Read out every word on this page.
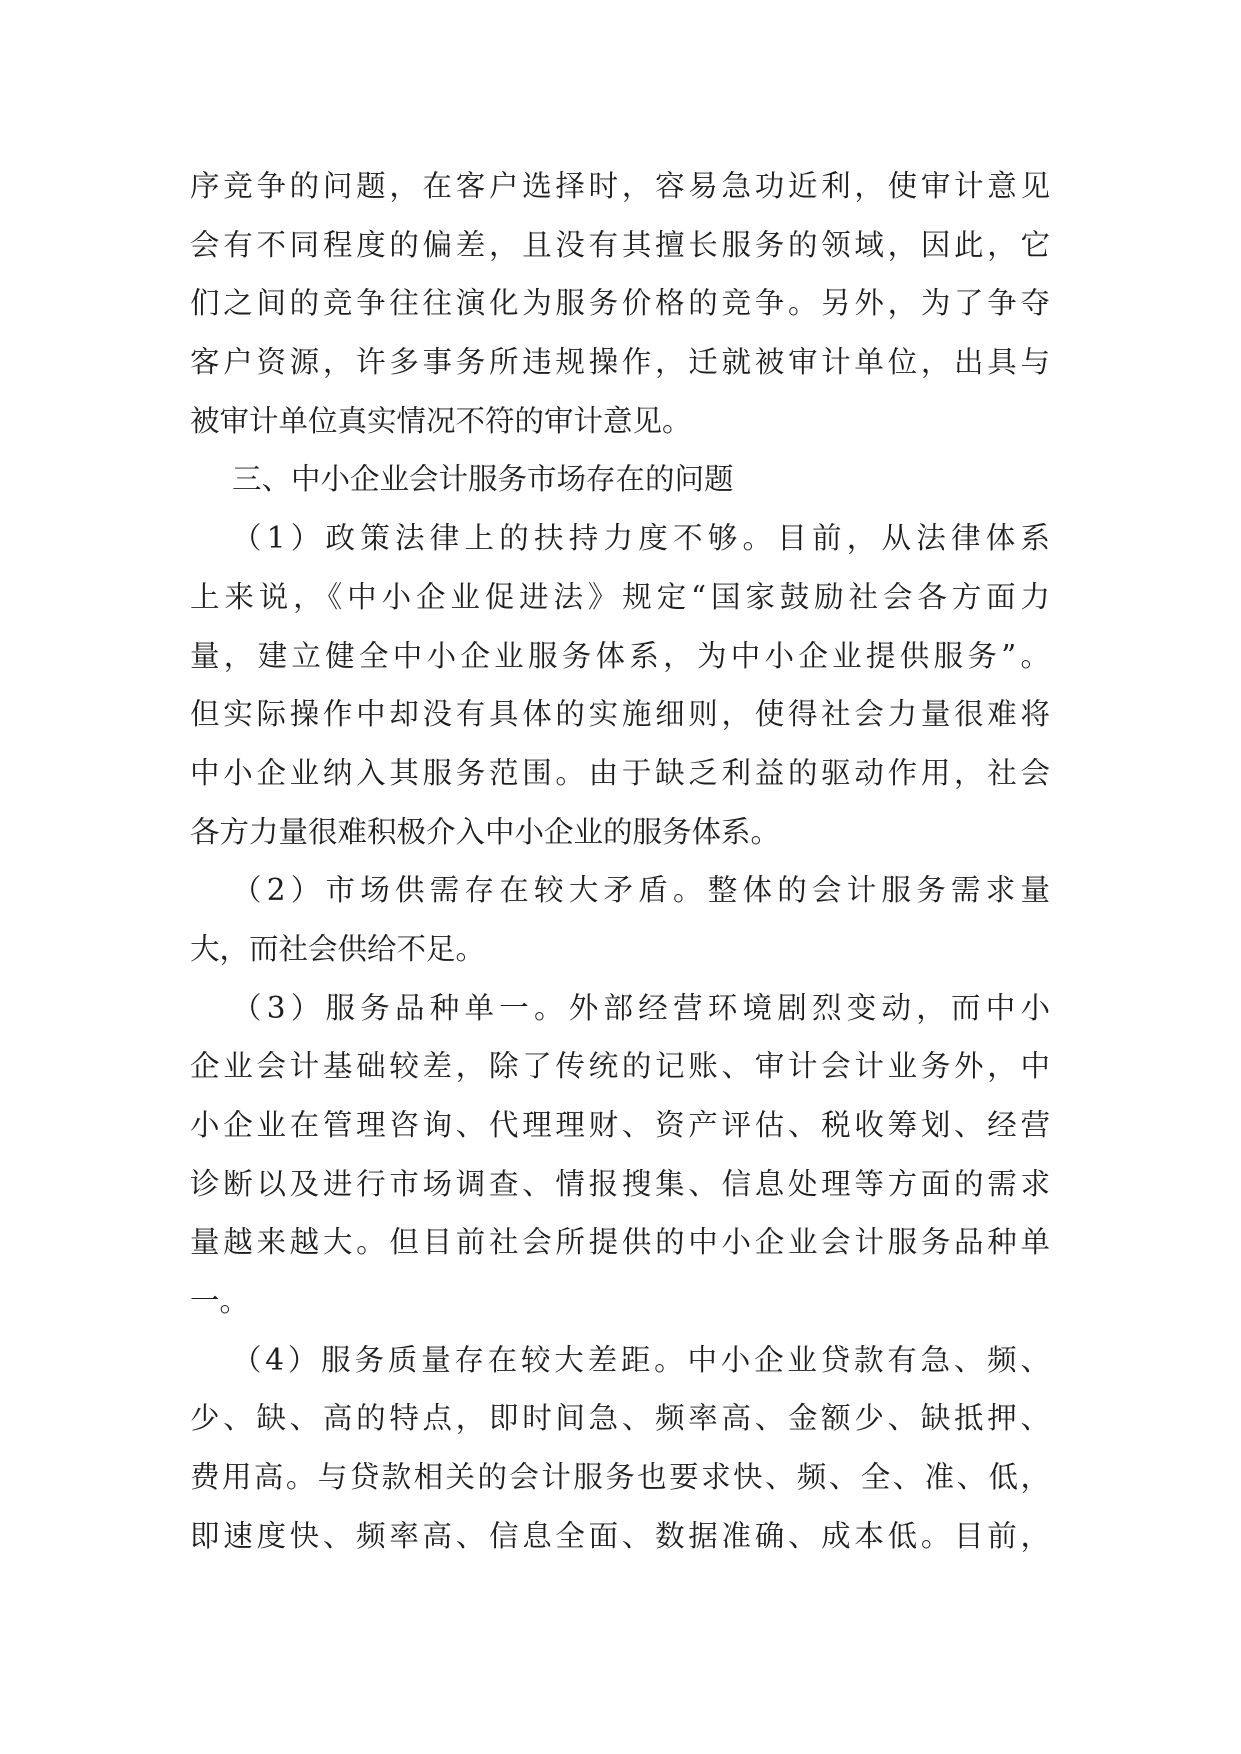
序竞争的问题，在客户选择时，容易急功近利，使审计意见
会有不同程度的偏差，且没有其擅长服务的领域，因此，它
们之间的竞争往往演化为服务价格的竞争。另外，为了争夺
客户资源，许多事务所违规操作，迁就被审计单位，出具与
被审计单位真实情况不符的审计意见。
三、中小企业会计服务市场存在的问题
（1）政策法律上的扶持力度不够。目前，从法律体系
上来说，《中小企业促进法》规定“国家鼓励社会各方面力
量，建立健全中小企业服务体系，为中小企业提供服务”。
但实际操作中却没有具体的实施细则，使得社会力量很难将
中小企业纳入其服务范围。由于缺乏利益的驱动作用，社会
各方力量很难积极介入中小企业的服务体系。
（2）市场供需存在较大矛盾。整体的会计服务需求量
大，而社会供给不足。
（3）服务品种单一。外部经营环境剧烈变动，而中小
企业会计基础较差，除了传统的记账、审计会计业务外，中
小企业在管理咨询、代理理财、资产评估、税收筹划、经营
诊断以及进行市场调查、情报搜集、信息处理等方面的需求
量越来越大。但目前社会所提供的中小企业会计服务品种单
一。
（4）服务质量存在较大差距。中小企业贷款有急、频、
少、缺、高的特点，即时间急、频率高、金额少、缺抵押、
费用高。与贷款相关的会计服务也要求快、频、全、准、低，
即速度快、频率高、信息全面、数据准确、成本低。目前，
